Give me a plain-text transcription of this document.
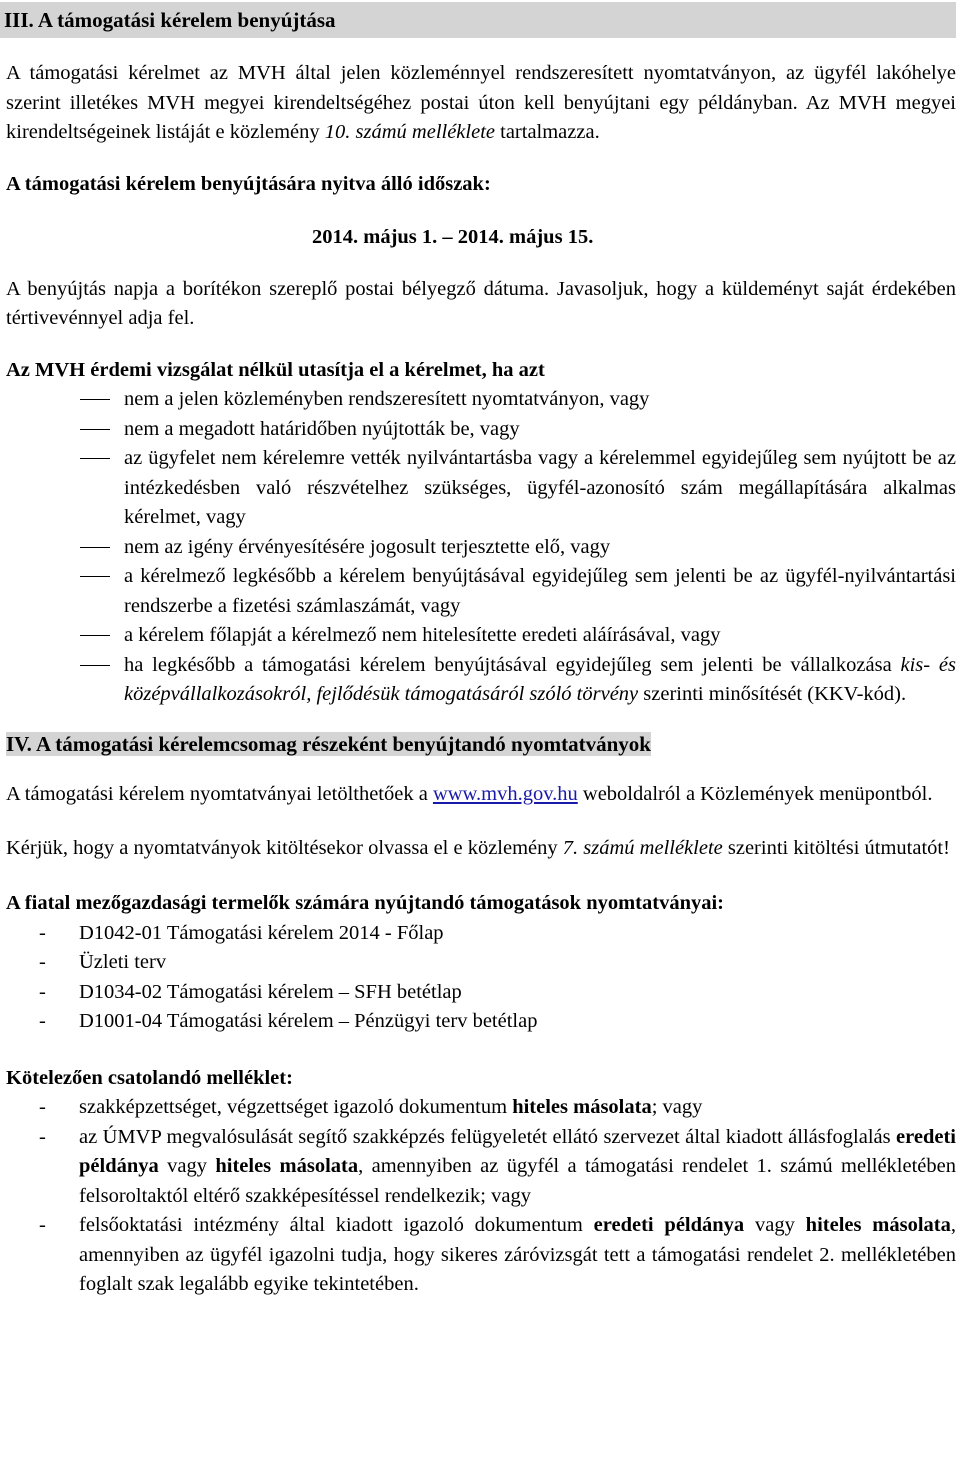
III. A támogatási kérelem benyújtása

A támogatási kérelmet az MVH által jelen közleménnyel rendszeresített nyomtatványon, az ügyfél lakóhelye szerint illetékes MVH megyei kirendeltségéhez postai úton kell benyújtani egy példányban. Az MVH megyei kirendeltségeinek listáját e közlemény 10. számú melléklete tartalmazza.

A támogatási kérelem benyújtására nyitva álló időszak:

2014. május 1. – 2014. május 15.

A benyújtás napja a borítékon szereplő postai bélyegző dátuma. Javasoljuk, hogy a küldeményt saját érdekében tértivevénnyel adja fel.

Az MVH érdemi vizsgálat nélkül utasítja el a kérelmet, ha azt

nem a jelen közleményben rendszeresített nyomtatványon, vagy
nem a megadott határidőben nyújtották be, vagy
az ügyfelet nem kérelemre vették nyilvántartásba vagy a kérelemmel egyidejűleg sem nyújtott be az intézkedésben való részvételhez szükséges, ügyfél-azonosító szám megállapítására alkalmas kérelmet, vagy
nem az igény érvényesítésére jogosult terjesztette elő, vagy
a kérelmező legkésőbb a kérelem benyújtásával egyidejűleg sem jelenti be az ügyfél-nyilvántartási rendszerbe a fizetési számlaszámát, vagy
a kérelem főlapját a kérelmező nem hitelesítette eredeti aláírásával, vagy
ha legkésőbb a támogatási kérelem benyújtásával egyidejűleg sem jelenti be vállalkozása kis- és középvállalkozásokról, fejlődésük támogatásáról szóló törvény szerinti minősítését (KKV-kód).

IV. A támogatási kérelemcsomag részeként benyújtandó nyomtatványok

A támogatási kérelem nyomtatványai letölthetőek a www.mvh.gov.hu weboldalról a Közlemények menüpontból.

Kérjük, hogy a nyomtatványok kitöltésekor olvassa el e közlemény 7. számú melléklete szerinti kitöltési útmutatót!

A fiatal mezőgazdasági termelők számára nyújtandó támogatások nyomtatványai:

- D1042-01 Támogatási kérelem 2014 - Főlap
- Üzleti terv
- D1034-02 Támogatási kérelem – SFH betétlap
- D1001-04 Támogatási kérelem – Pénzügyi terv betétlap

Kötelezően csatolandó melléklet:

- szakképzettséget, végzettséget igazoló dokumentum hiteles másolata; vagy
- az ÚMVP megvalósulását segítő szakképzés felügyeletét ellátó szervezet által kiadott állásfoglalás eredeti példánya vagy hiteles másolata, amennyiben az ügyfél a támogatási rendelet 1. számú mellékletében felsoroltaktól eltérő szakképesítéssel rendelkezik; vagy
- felsőoktatási intézmény által kiadott igazoló dokumentum eredeti példánya vagy hiteles másolata, amennyiben az ügyfél igazolni tudja, hogy sikeres záróvizsgát tett a támogatási rendelet 2. mellékletében foglalt szak legalább egyike tekintetében.
